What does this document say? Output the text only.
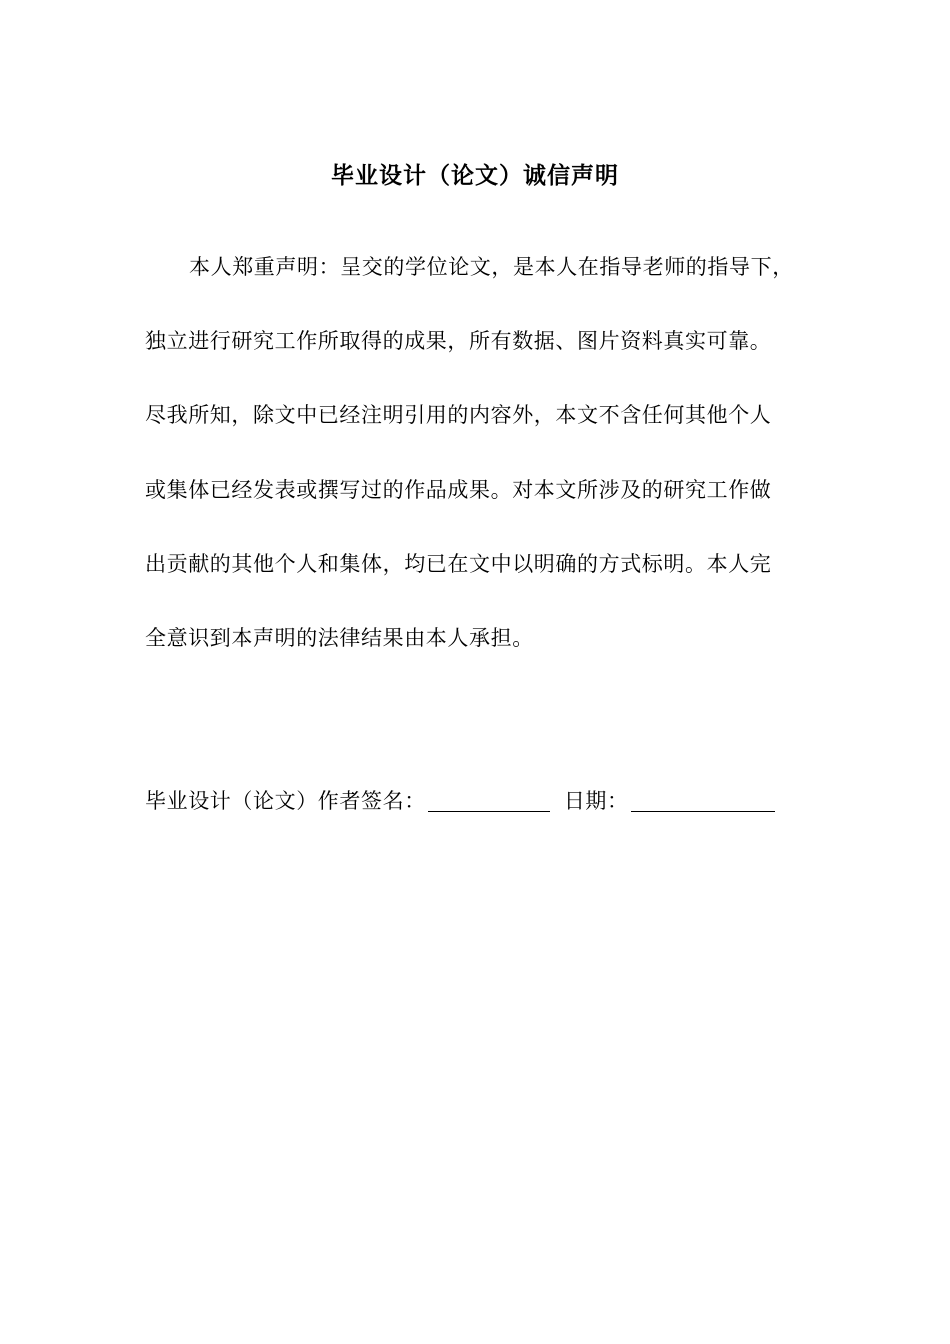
毕业设计（论文）诚信声明
本人郑重声明：呈交的学位论文，是本人在指导老师的指导下，
独立进行研究工作所取得的成果，所有数据、图片资料真实可靠。
尽我所知，除文中已经注明引用的内容外，本文不含任何其他个人
或集体已经发表或撰写过的作品成果。对本文所涉及的研究工作做
出贡献的其他个人和集体，均已在文中以明确的方式标明。本人完
全意识到本声明的法律结果由本人承担。
毕业设计（论文）作者签名：	日期：
